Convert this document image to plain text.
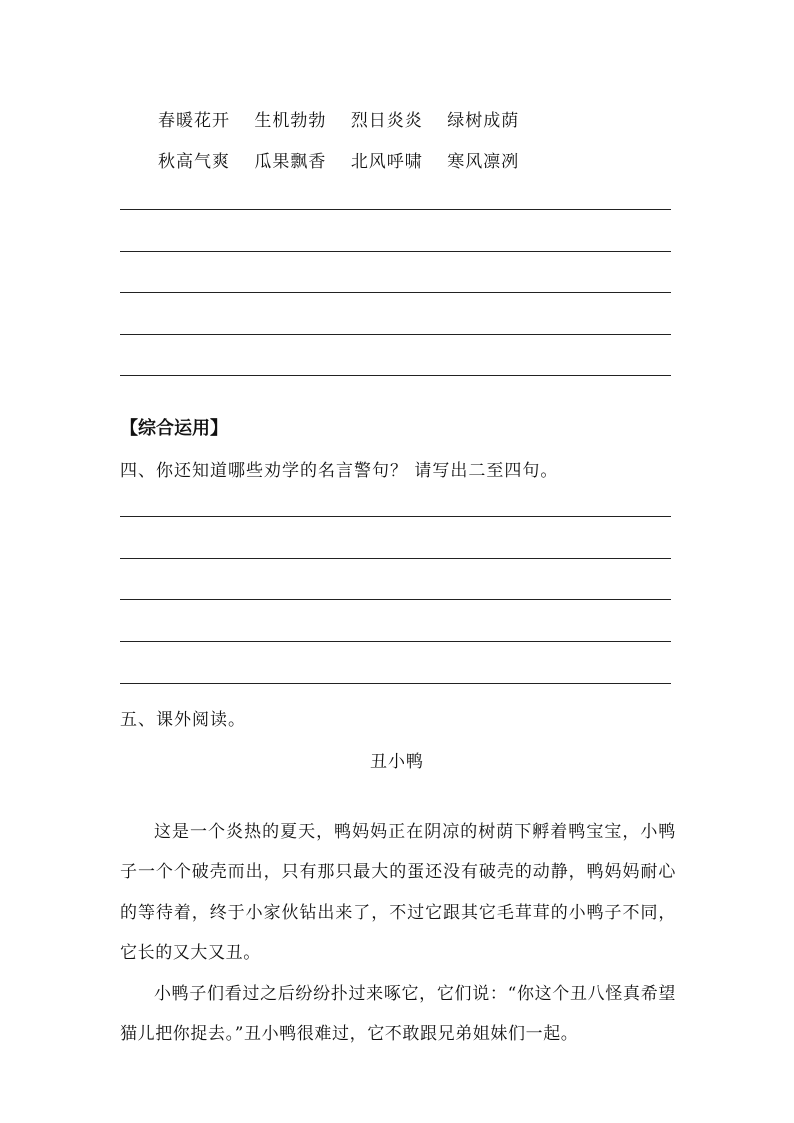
春暖花开 生机勃勃 烈日炎炎 绿树成荫
秋高气爽 瓜果飘香 北风呼啸 寒风凛冽
【综合运用】
四、你还知道哪些劝学的名言警句？ 请写出二至四句。
五、课外阅读。
丑小鸭

这是一个炎热的夏天，鸭妈妈正在阴凉的树荫下孵着鸭宝宝，小鸭子一个个破壳而出，只有那只最大的蛋还没有破壳的动静，鸭妈妈耐心的等待着，终于小家伙钻出来了，不过它跟其它毛茸茸的小鸭子不同，它长的又大又丑。

小鸭子们看过之后纷纷扑过来啄它，它们说：“你这个丑八怪真希望猫儿把你捉去。”丑小鸭很难过，它不敢跟兄弟姐妹们一起。
